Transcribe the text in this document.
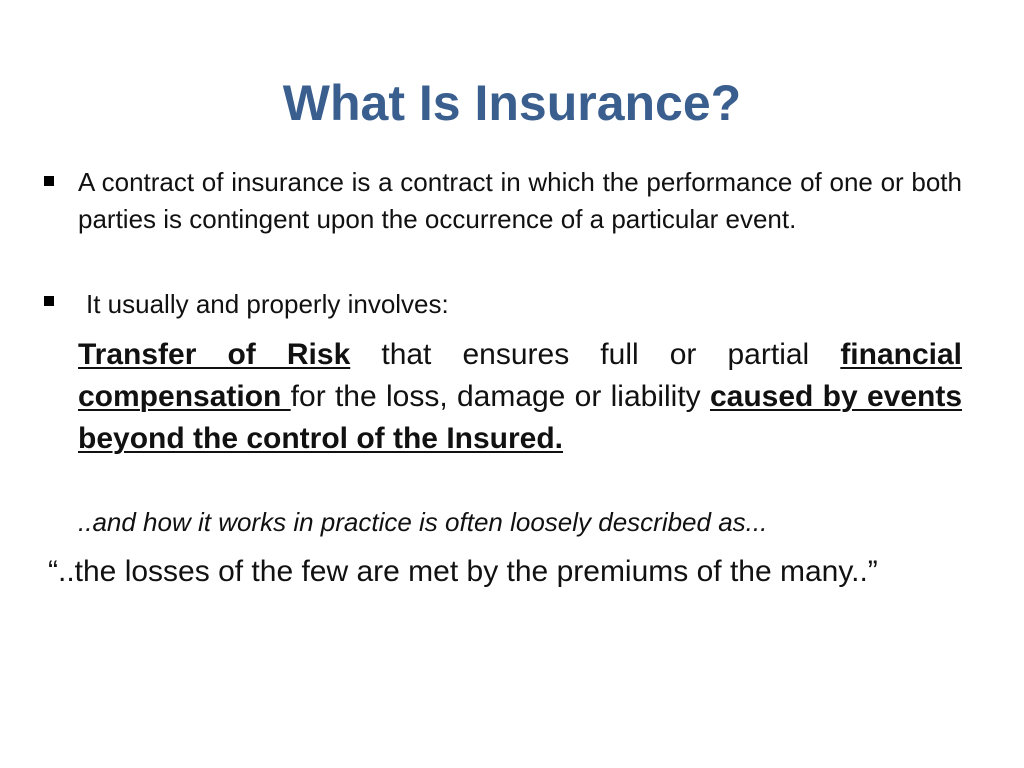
What Is Insurance?
A contract of insurance is a contract in which the performance of one or both parties is contingent upon the occurrence of a particular event.
It usually and properly involves:
Transfer of Risk that ensures full or partial financial compensation for the loss, damage or liability caused by events beyond the control of the Insured.
..and how it works in practice is often loosely described as...
“..the losses of the few are met by the premiums of the many..”
